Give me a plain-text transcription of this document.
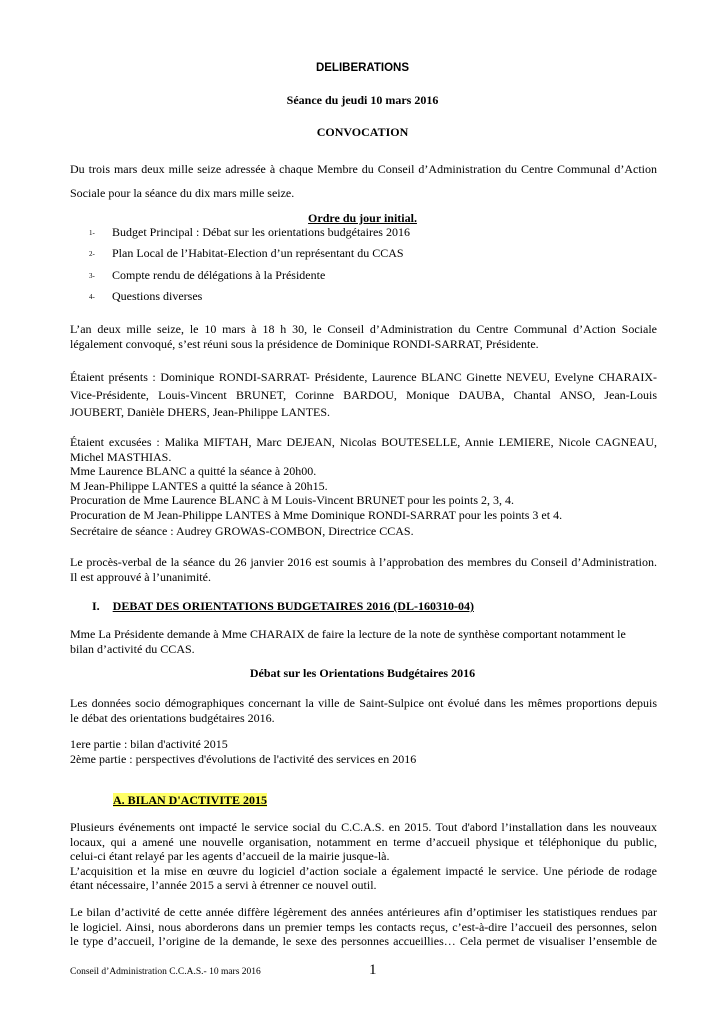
DELIBERATIONS
Séance du jeudi 10 mars 2016
CONVOCATION
Du trois mars deux mille seize adressée à chaque Membre du Conseil d’Administration du Centre Communal d’Action
Sociale pour la séance du dix mars mille seize.
Ordre du jour initial.
1- Budget Principal : Débat sur les orientations budgétaires 2016
2- Plan Local de l’Habitat-Election d’un représentant du CCAS
3- Compte rendu de délégations à la Présidente
4- Questions diverses
L’an deux mille seize, le 10 mars à 18 h 30, le Conseil d’Administration du Centre Communal d’Action Sociale
légalement convoqué, s’est réuni sous la présidence de Dominique RONDI-SARRAT, Présidente.
Étaient présents : Dominique RONDI-SARRAT- Présidente, Laurence BLANC Ginette NEVEU, Evelyne CHARAIX-
Vice-Présidente, Louis-Vincent BRUNET, Corinne BARDOU, Monique DAUBA, Chantal ANSO, Jean-Louis
JOUBERT, Danièle DHERS, Jean-Philippe LANTES.
Étaient excusées : Malika MIFTAH, Marc DEJEAN, Nicolas BOUTESELLE, Annie LEMIERE, Nicole CAGNEAU,
Michel MASTHIAS.
Mme Laurence BLANC a quitté la séance à 20h00.
M Jean-Philippe LANTES a quitté la séance à 20h15.
Procuration de Mme Laurence BLANC à M Louis-Vincent BRUNET pour les points 2, 3, 4.
Procuration de M Jean-Philippe LANTES à Mme Dominique RONDI-SARRAT pour les points 3 et 4.
Secrétaire de séance : Audrey GROWAS-COMBON, Directrice CCAS.
Le procès-verbal de la séance du 26 janvier 2016 est soumis à l’approbation des membres du Conseil d’Administration.
Il est approuvé à l’unanimité.
I. DEBAT DES ORIENTATIONS BUDGETAIRES 2016 (DL-160310-04)
Mme La Présidente demande à Mme CHARAIX de faire la lecture de la note de synthèse comportant notamment le
bilan d’activité du CCAS.
Débat sur les Orientations Budgétaires 2016
Les données socio démographiques concernant la ville de Saint-Sulpice ont évolué dans les mêmes proportions depuis
le débat des orientations budgétaires 2016.
1ere partie : bilan d'activité 2015
2ème partie : perspectives d'évolutions de l'activité des services en 2016
A. BILAN D'ACTIVITE 2015
Plusieurs événements ont impacté le service social du C.C.A.S. en 2015. Tout d'abord l’installation dans les nouveaux
locaux, qui a amené une nouvelle organisation, notamment en terme d’accueil physique et téléphonique du public,
celui-ci étant relayé par les agents d’accueil de la mairie jusque-là.
L’acquisition et la mise en œuvre du logiciel d’action sociale a également impacté le service. Une période de rodage
étant nécessaire, l’année 2015 a servi à étrenner ce nouvel outil.
Le bilan d’activité de cette année diffère légèrement des années antérieures afin d’optimiser les statistiques rendues par
le logiciel. Ainsi, nous aborderons dans un premier temps les contacts reçus, c’est-à-dire l’accueil des personnes, selon
le type d’accueil, l’origine de la demande, le sexe des personnes accueillies… Cela permet de visualiser l’ensemble de
Conseil d’Administration C.C.A.S.- 10 mars 2016	1
